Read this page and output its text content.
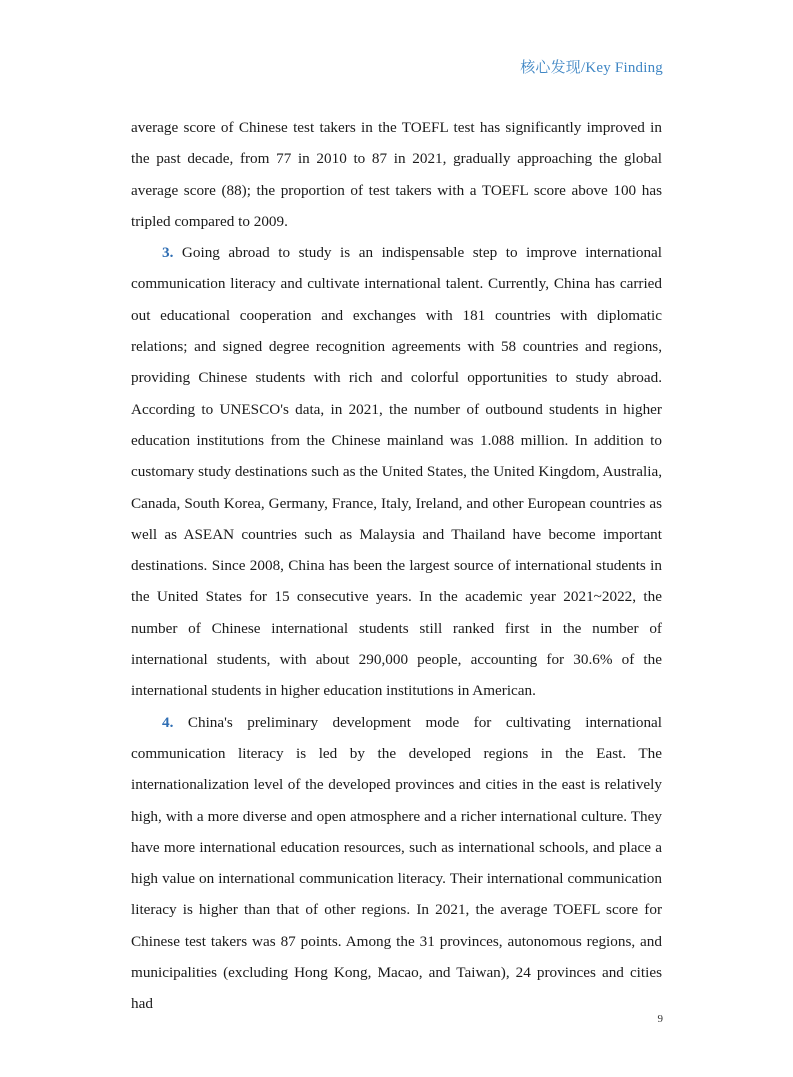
核心发现/Key Finding

average score of Chinese test takers in the TOEFL test has significantly improved in the past decade, from 77 in 2010 to 87 in 2021, gradually approaching the global average score (88); the proportion of test takers with a TOEFL score above 100 has tripled compared to 2009.

3. Going abroad to study is an indispensable step to improve international communication literacy and cultivate international talent. Currently, China has carried out educational cooperation and exchanges with 181 countries with diplomatic relations; and signed degree recognition agreements with 58 countries and regions, providing Chinese students with rich and colorful opportunities to study abroad. According to UNESCO's data, in 2021, the number of outbound students in higher education institutions from the Chinese mainland was 1.088 million. In addition to customary study destinations such as the United States, the United Kingdom, Australia, Canada, South Korea, Germany, France, Italy, Ireland, and other European countries as well as ASEAN countries such as Malaysia and Thailand have become important destinations. Since 2008, China has been the largest source of international students in the United States for 15 consecutive years. In the academic year 2021~2022, the number of Chinese international students still ranked first in the number of international students, with about 290,000 people, accounting for 30.6% of the international students in higher education institutions in American.

4. China's preliminary development mode for cultivating international communication literacy is led by the developed regions in the East. The internationalization level of the developed provinces and cities in the east is relatively high, with a more diverse and open atmosphere and a richer international culture. They have more international education resources, such as international schools, and place a high value on international communication literacy. Their international communication literacy is higher than that of other regions. In 2021, the average TOEFL score for Chinese test takers was 87 points. Among the 31 provinces, autonomous regions, and municipalities (excluding Hong Kong, Macao, and Taiwan), 24 provinces and cities had

9
